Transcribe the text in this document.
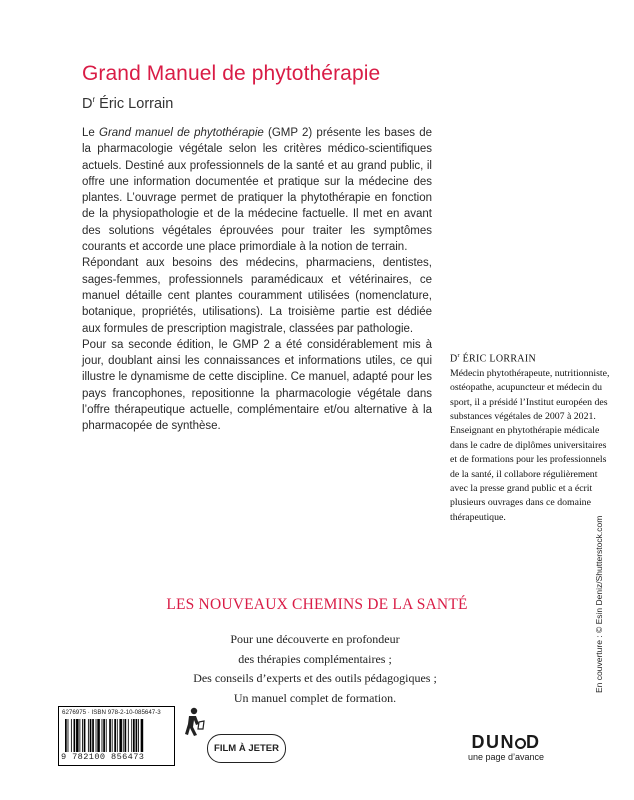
Grand Manuel de phytothérapie
$D^r$ Éric Lorrain

Le Grand manuel de phytothérapie (GMP 2) présente les bases de la pharmacologie végétale selon les critères médico-scientifiques actuels. Destiné aux professionnels de la santé et au grand public, il offre une information documentée et pratique sur la médecine des plantes. L’ouvrage permet de pratiquer la phytothérapie en fonction de la physiopathologie et de la médecine factuelle. Il met en avant des solutions végétales éprouvées pour traiter les symptômes courants et accorde une place primordiale à la notion de terrain.

Répondant aux besoins des médecins, pharmaciens, dentistes, sages-femmes, professionnels paramédicaux et vétérinaires, ce manuel détaille cent plantes couramment utilisées (nomenclature, botanique, propriétés, utilisations). La troisième partie est dédiée aux formules de prescription magistrale, classées par pathologie.

Pour sa seconde édition, le GMP 2 a été considérablement mis à jour, doublant ainsi les connaissances et informations utiles, ce qui illustre le dynamisme de cette discipline. Ce manuel, adapté pour les pays francophones, repositionne la pharmacologie végétale dans l’offre thérapeutique actuelle, complémentaire et/ou alternative à la pharmacopée de synthèse.

$D^r$ ÉRIC LORRAIN

Médecin phytothérapeute, nutritionniste, ostéopathe, acupuncteur et médecin du sport, il a présidé l’Institut européen des substances végétales de 2007 à 2021. Enseignant en phytothérapie médicale dans le cadre de diplômes universitaires et de formations pour les professionnels de la santé, il collabore régulièrement avec la presse grand public et a écrit plusieurs ouvrages dans ce domaine thérapeutique.

LES NOUVEAUX CHEMINS DE LA SANTÉ
Pour une découverte en profondeur
des thérapies complémentaires ;
Des conseils d’experts et des outils pédagogiques ;
Un manuel complet de formation.
En couverture : © Esin Deniz/Shutterstock.com
6276975 · ISBN 978-2-10-085647-3
9 782100 856473
FILM À JETER	DUN D
une page d’avance
